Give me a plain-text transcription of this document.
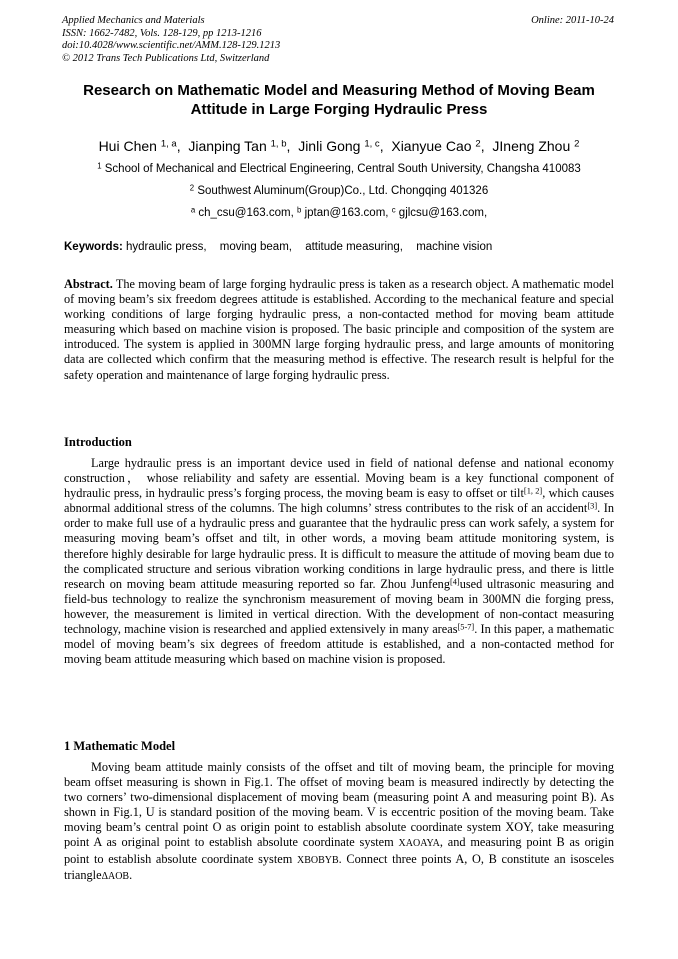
Applied Mechanics and Materials
ISSN: 1662-7482, Vols. 128-129, pp 1213-1216
doi:10.4028/www.scientific.net/AMM.128-129.1213
© 2012 Trans Tech Publications Ltd, Switzerland
Online: 2011-10-24
Research on Mathematic Model and Measuring Method of Moving Beam
Attitude in Large Forging Hydraulic Press
Hui Chen $^{1, a}$,  Jianping Tan $^{1, b}$,  Jinli Gong $^{1, c}$,  Xianyue Cao $^2$,  JIneng Zhou $^2$
$^1$ School of Mechanical and Electrical Engineering, Central South University, Changsha 410083
$^2$ Southwest Aluminum(Group)Co., Ltd. Chongqing 401326
$^a$ ch_csu@163.com, $^b$ jptan@163.com, $^c$ gjlcsu@163.com,
Keywords: hydraulic press, moving beam, attitude measuring, machine vision
Abstract. The moving beam of large forging hydraulic press is taken as a research object. A mathematic model of moving beam’s six freedom degrees attitude is established. According to the mechanical feature and special working conditions of large forging hydraulic press, a non-contacted method for moving beam attitude measuring which based on machine vision is proposed. The basic principle and composition of the system are introduced. The system is applied in 300MN large forging hydraulic press, and large amounts of monitoring data are collected which confirm that the measuring method is effective. The research result is helpful for the safety operation and maintenance of large forging hydraulic press.
Introduction
Large hydraulic press is an important device used in field of national defense and national economy construction， whose reliability and safety are essential. Moving beam is a key functional component of hydraulic press, in hydraulic press’s forging process, the moving beam is easy to offset or tilt[1, 2], which causes abnormal additional stress of the columns. The high columns’ stress contributes to the risk of an accident[3]. In order to make full use of a hydraulic press and guarantee that the hydraulic press can work safely, a system for measuring moving beam’s offset and tilt, in other words, a moving beam attitude monitoring system, is therefore highly desirable for large hydraulic press. It is difficult to measure the attitude of moving beam due to the complicated structure and serious vibration working conditions in large hydraulic press, and there is little research on moving beam attitude measuring reported so far. Zhou Junfeng[4]used ultrasonic measuring and field-bus technology to realize the synchronism measurement of moving beam in 300MN die forging press, however, the measurement is limited in vertical direction. With the development of non-contact measuring technology, machine vision is researched and applied extensively in many areas[5-7]. In this paper, a mathematic model of moving beam’s six degrees of freedom attitude is established, and a non-contacted method for moving beam attitude measuring which based on machine vision is proposed.
1 Mathematic Model
Moving beam attitude mainly consists of the offset and tilt of moving beam, the principle for moving beam offset measuring is shown in Fig.1. The offset of moving beam is measured indirectly by detecting the two corners’ two-dimensional displacement of moving beam (measuring point A and measuring point B). As shown in Fig.1, U is standard position of the moving beam. V is eccentric position of the moving beam. Take moving beam’s central point O as origin point to establish absolute coordinate system XOY, take measuring point A as original point to establish absolute coordinate system XAOAYA, and measuring point B as origin point to establish absolute coordinate system XBOBYB. Connect three points A, O, B constitute an isosceles triangleΔAOB.
